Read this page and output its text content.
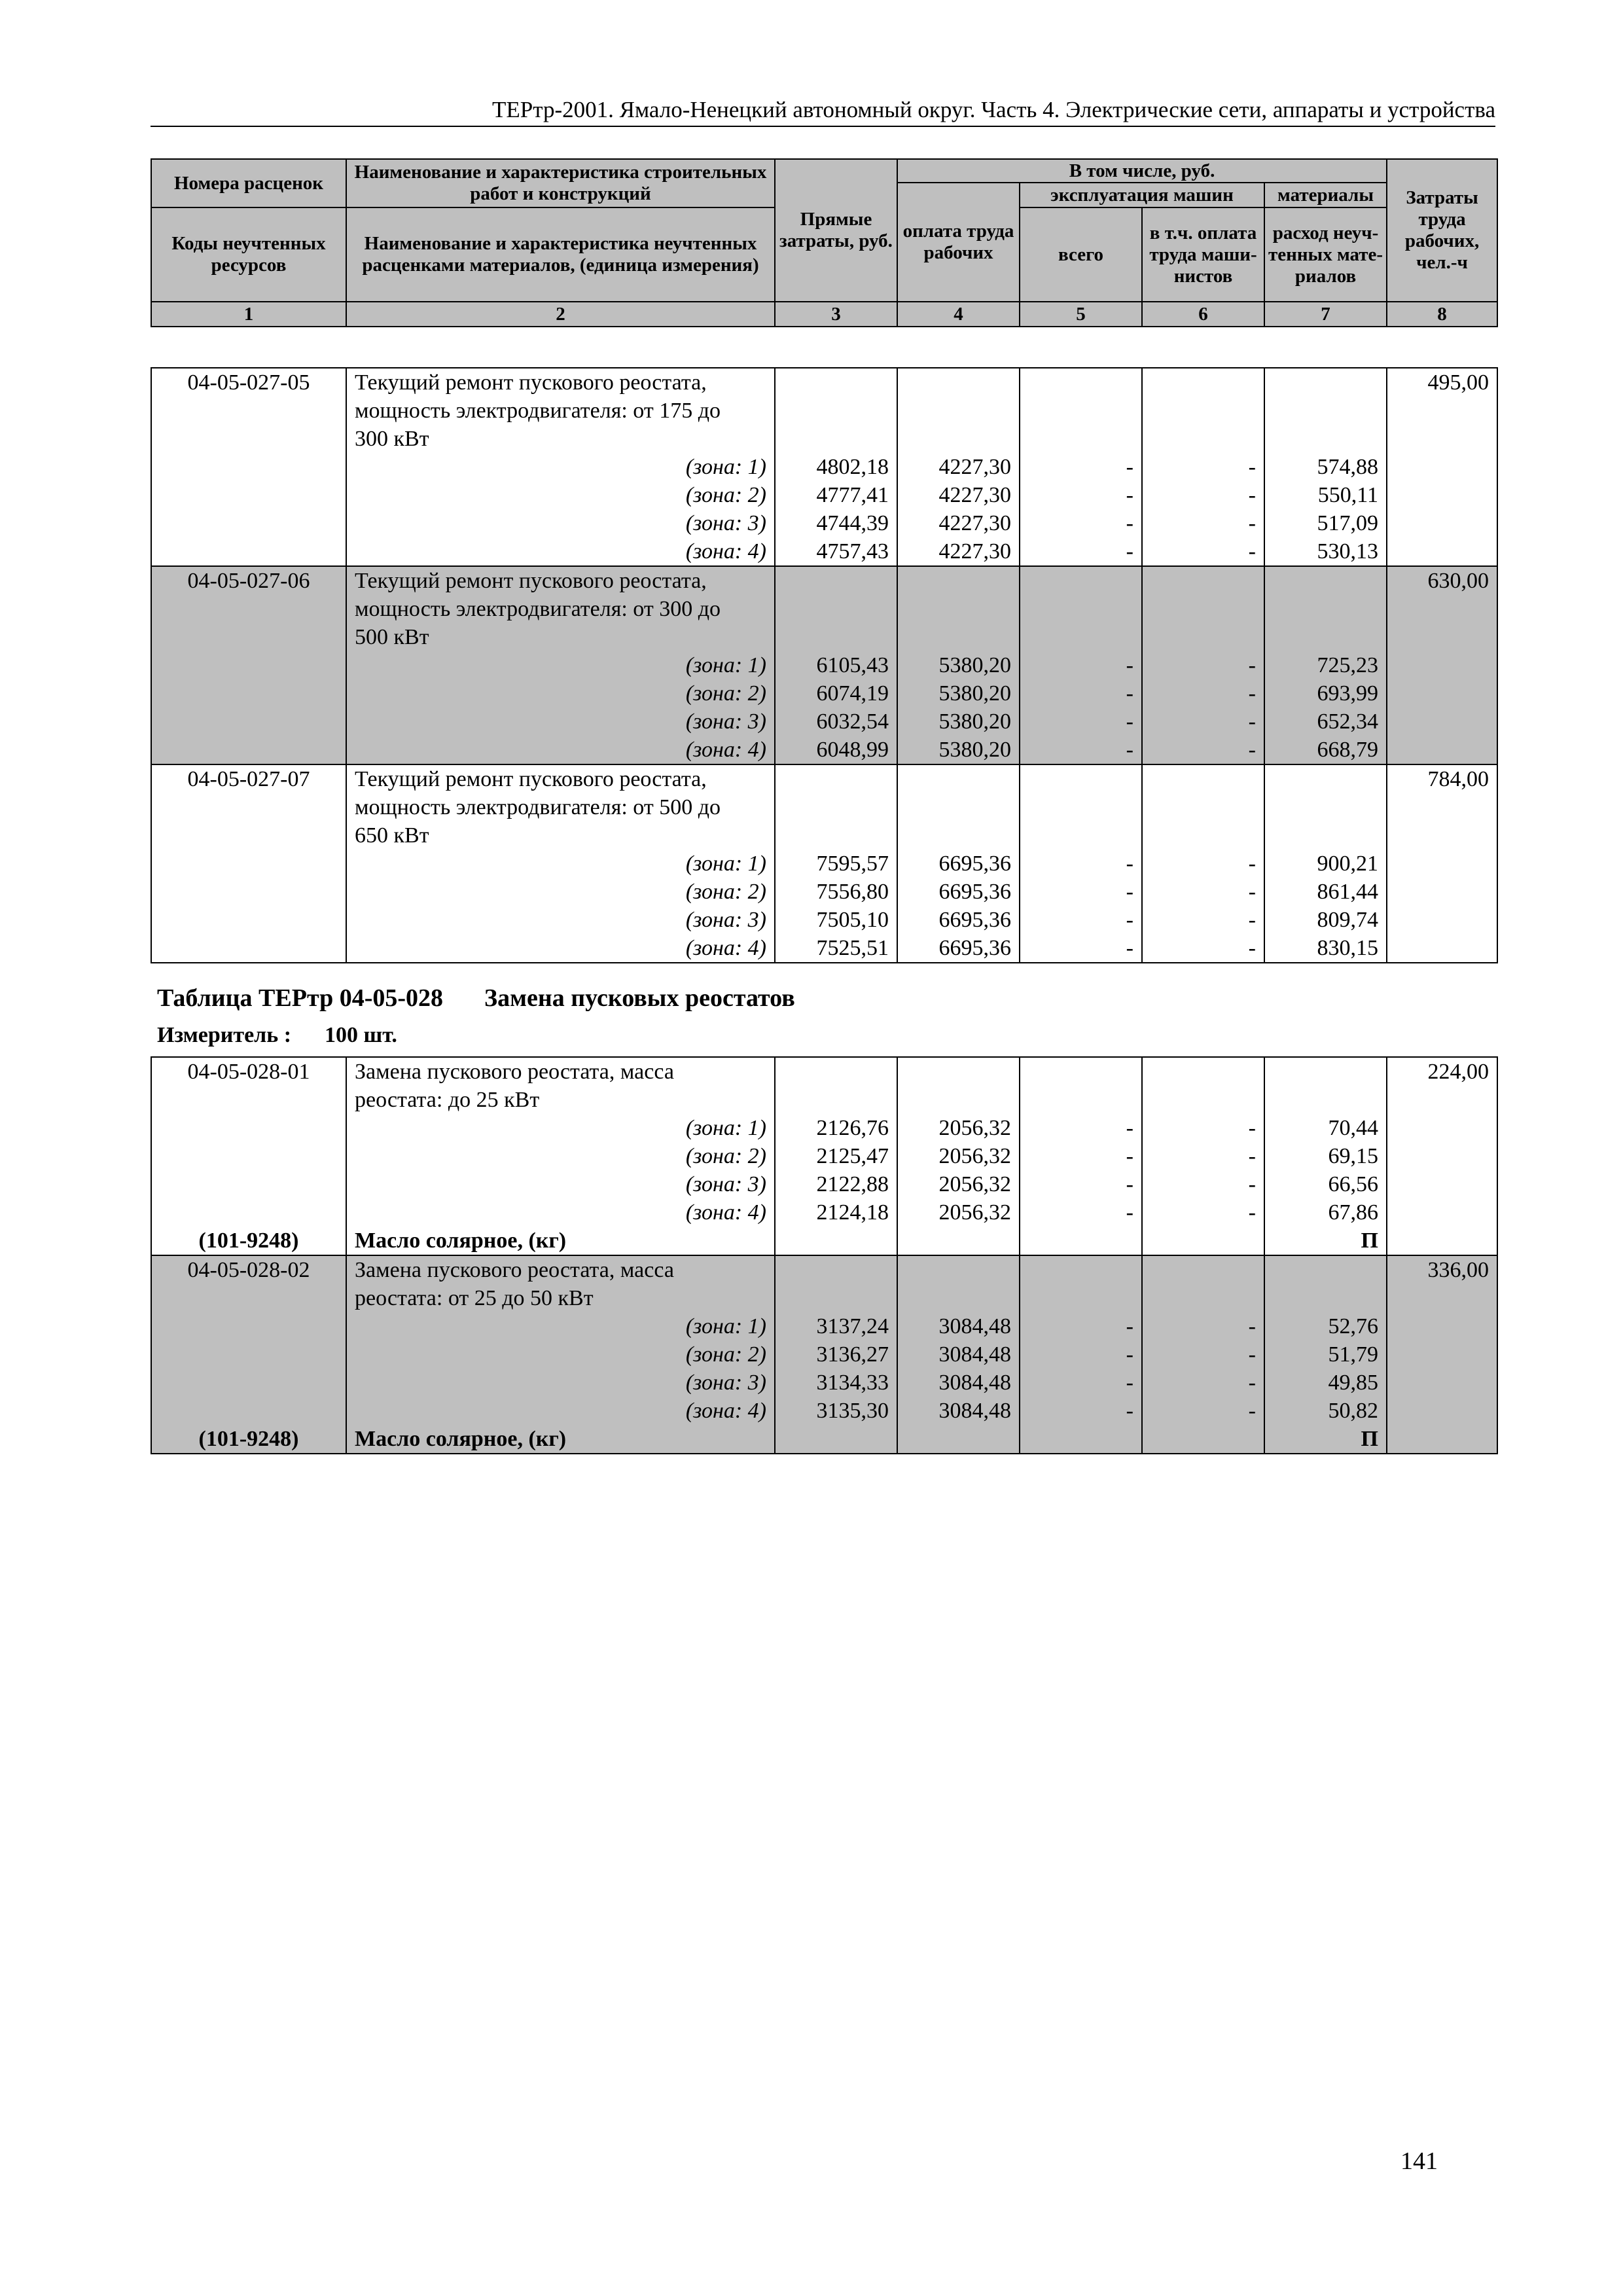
ТЕРтр-2001. Ямало-Ненецкий автономный округ. Часть 4. Электрические сети, аппараты и устройства
Номера расценок	Наименование и характеристика строительных работ и конструкций	Прямые затраты, руб.	В том числе, руб.				Затраты труда рабочих, чел.-ч
			оплата труда рабочих	эксплуатация машин		материалы	
Коды неучтенных ресурсов	Наименование и характеристика неучтенных расценками материалов, (единица измерения)			всего	в т.ч. оплата труда маши-нистов	расход неуч-тенных мате-риалов	

1	2	3	4	5	6	7	8
04-05-027-05	Текущий ремонт пускового реостата,						495,00
	мощность электродвигателя: от 175 до						
	300 кВт						
	(зона: 1)	4802,18	4227,30	-	-	574,88	
	(зона: 2)	4777,41	4227,30	-	-	550,11	
	(зона: 3)	4744,39	4227,30	-	-	517,09	
	(зона: 4)	4757,43	4227,30	-	-	530,13	
04-05-027-06	Текущий ремонт пускового реостата,						630,00
	мощность электродвигателя: от 300 до						
	500 кВт						
	(зона: 1)	6105,43	5380,20	-	-	725,23	
	(зона: 2)	6074,19	5380,20	-	-	693,99	
	(зона: 3)	6032,54	5380,20	-	-	652,34	
	(зона: 4)	6048,99	5380,20	-	-	668,79	
04-05-027-07	Текущий ремонт пускового реостата,						784,00
	мощность электродвигателя: от 500 до						
	650 кВт						
	(зона: 1)	7595,57	6695,36	-	-	900,21	
	(зона: 2)	7556,80	6695,36	-	-	861,44	
	(зона: 3)	7505,10	6695,36	-	-	809,74	
	(зона: 4)	7525,51	6695,36	-	-	830,15	
Таблица ТЕРтр 04-05-028 Замена пусковых реостатов
Измеритель : 100 шт.
04-05-028-01	Замена пускового реостата, масса						224,00
	реостата: до 25 кВт						
	(зона: 1)	2126,76	2056,32	-	-	70,44	
	(зона: 2)	2125,47	2056,32	-	-	69,15	
	(зона: 3)	2122,88	2056,32	-	-	66,56	
	(зона: 4)	2124,18	2056,32	-	-	67,86	
(101-9248)	Масло солярное, (кг)					П	
04-05-028-02	Замена пускового реостата, масса						336,00
	реостата: от 25 до 50 кВт						
	(зона: 1)	3137,24	3084,48	-	-	52,76	
	(зона: 2)	3136,27	3084,48	-	-	51,79	
	(зона: 3)	3134,33	3084,48	-	-	49,85	
	(зона: 4)	3135,30	3084,48	-	-	50,82	
(101-9248)	Масло солярное, (кг)					П	
141
